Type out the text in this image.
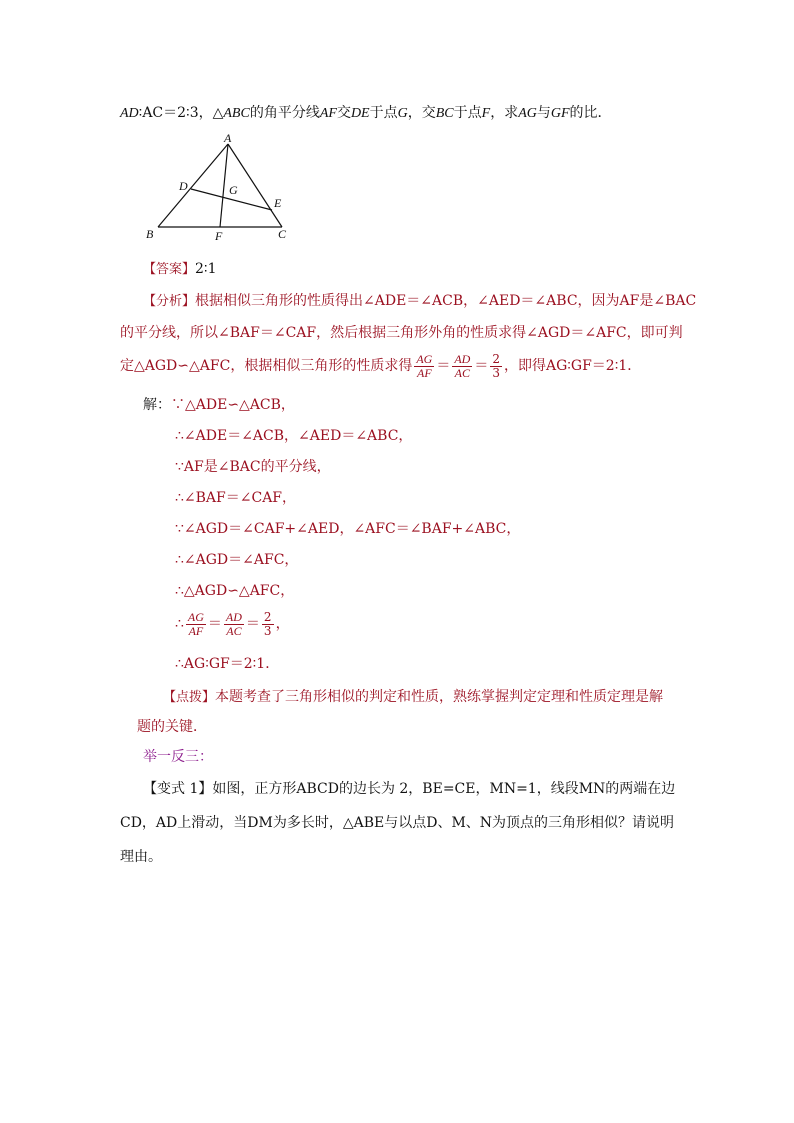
AD∶AC＝2∶3，△ABC的角平分线AF交DE于点G，交BC于点F，求AG与GF的比．
A
B	C
D
E
F
G
【答案】2∶1
【分析】根据相似三角形的性质得出∠ADE＝∠ACB，∠AED＝∠ABC，因为AF是∠BAC
的平分线，所以∠BAF＝∠CAF，然后根据三角形外角的性质求得∠AGD＝∠AFC，即可判
定△AGD∽△AFC，根据相似三角形的性质求得 $\frac{AG}{AF} = \frac{AD}{AC} = \frac{2}{3}$ ，即得AG∶GF＝2∶1．
解：∵△ADE∽△ACB，
∴∠ADE＝∠ACB，∠AED＝∠ABC，
∵AF是∠BAC的平分线，
∴∠BAF＝∠CAF，
∵∠AGD＝∠CAF+∠AED，∠AFC＝∠BAF+∠ABC，
∴∠AGD＝∠AFC，
∴△AGD∽△AFC，
∴ $\frac{AG}{AF} = \frac{AD}{AC} = \frac{2}{3}$ ，
∴AG∶GF＝2∶1．
【点拨】本题考查了三角形相似的判定和性质，熟练掌握判定定理和性质定理是解
题的关键．
举一反三：
【变式 1】如图，正方形ABCD的边长为 2，BE=CE，MN=1，线段MN的两端在边
CD，AD上滑动，当DM为多长时，△ABE与以点D、M、N为顶点的三角形相似？请说明
理由。
